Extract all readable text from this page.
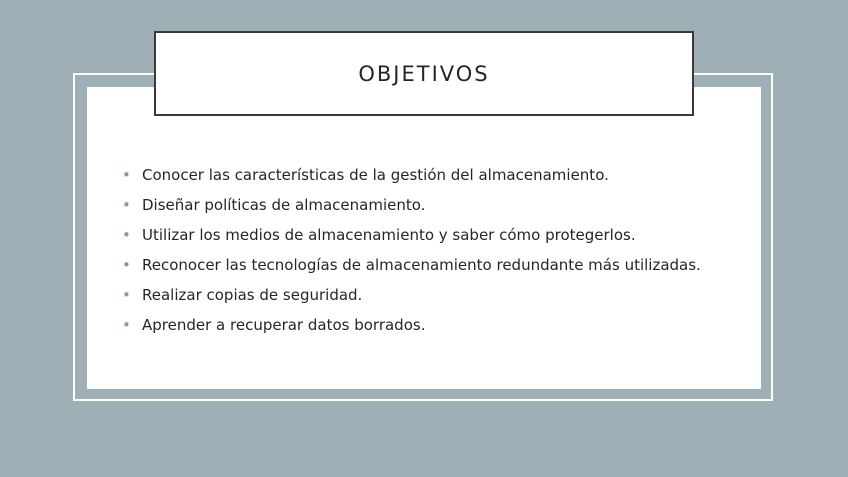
OBJETIVOS
• Conocer las características de la gestión del almacenamiento.
• Diseñar políticas de almacenamiento.
• Utilizar los medios de almacenamiento y saber cómo protegerlos.
• Reconocer las tecnologías de almacenamiento redundante más utilizadas.
• Realizar copias de seguridad.
• Aprender a recuperar datos borrados.
